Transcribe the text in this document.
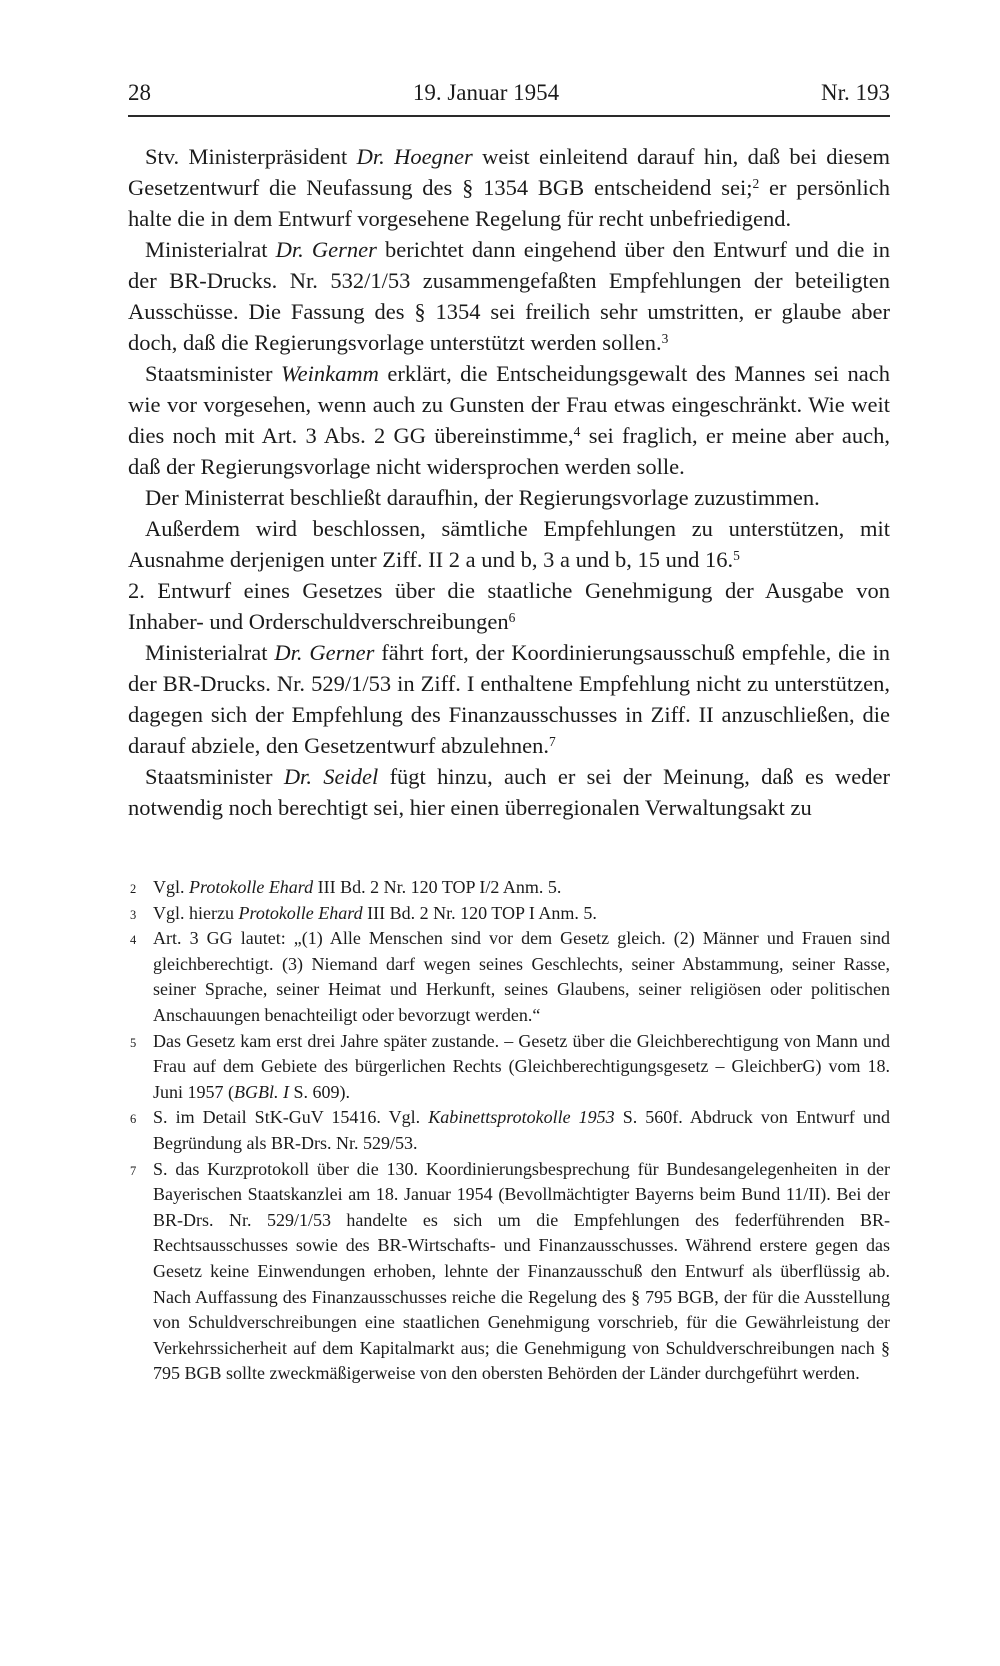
28	19. Januar 1954	Nr. 193

Stv. Ministerpräsident Dr. Hoegner weist einleitend darauf hin, daß bei diesem Gesetzentwurf die Neufassung des § 1354 BGB entscheidend sei;$^2$ er persönlich halte die in dem Entwurf vorgesehene Regelung für recht unbefriedigend.

Ministerialrat Dr. Gerner berichtet dann eingehend über den Entwurf und die in der BR-Drucks. Nr. 532/1/53 zusammengefaßten Empfehlungen der beteiligten Ausschüsse. Die Fassung des § 1354 sei freilich sehr umstritten, er glaube aber doch, daß die Regierungsvorlage unterstützt werden sollen.$^3$

Staatsminister Weinkamm erklärt, die Entscheidungsgewalt des Mannes sei nach wie vor vorgesehen, wenn auch zu Gunsten der Frau etwas eingeschränkt. Wie weit dies noch mit Art. 3 Abs. 2 GG übereinstimme,$^4$ sei fraglich, er meine aber auch, daß der Regierungsvorlage nicht widersprochen werden solle.

Der Ministerrat beschließt daraufhin, der Regierungsvorlage zuzustimmen.

Außerdem wird beschlossen, sämtliche Empfehlungen zu unterstützen, mit Ausnahme derjenigen unter Ziff. II 2 a und b, 3 a und b, 15 und 16.$^5$

2. Entwurf eines Gesetzes über die staatliche Genehmigung der Ausgabe von Inhaber- und Orderschuldverschreibungen$^6$

Ministerialrat Dr. Gerner fährt fort, der Koordinierungsausschuß empfehle, die in der BR-Drucks. Nr. 529/1/53 in Ziff. I enthaltene Empfehlung nicht zu unterstützen, dagegen sich der Empfehlung des Finanzausschusses in Ziff. II anzuschließen, die darauf abziele, den Gesetzentwurf abzulehnen.$^7$

Staatsminister Dr. Seidel fügt hinzu, auch er sei der Meinung, daß es weder notwendig noch berechtigt sei, hier einen überregionalen Verwaltungsakt zu

2 Vgl. Protokolle Ehard III Bd. 2 Nr. 120 TOP I/2 Anm. 5.
3 Vgl. hierzu Protokolle Ehard III Bd. 2 Nr. 120 TOP I Anm. 5.
4 Art. 3 GG lautet: „(1) Alle Menschen sind vor dem Gesetz gleich. (2) Männer und Frauen sind gleichberechtigt. (3) Niemand darf wegen seines Geschlechts, seiner Abstammung, seiner Rasse, seiner Sprache, seiner Heimat und Herkunft, seines Glaubens, seiner religiösen oder politischen Anschauungen benachteiligt oder bevorzugt werden.“
5 Das Gesetz kam erst drei Jahre später zustande. – Gesetz über die Gleichberechtigung von Mann und Frau auf dem Gebiete des bürgerlichen Rechts (Gleichberechtigungsgesetz – GleichberG) vom 18. Juni 1957 (BGBl. I S. 609).
6 S. im Detail StK-GuV 15416. Vgl. Kabinettsprotokolle 1953 S. 560f. Abdruck von Entwurf und Begründung als BR-Drs. Nr. 529/53.
7 S. das Kurzprotokoll über die 130. Koordinierungsbesprechung für Bundesangelegenheiten in der Bayerischen Staatskanzlei am 18. Januar 1954 (Bevollmächtigter Bayerns beim Bund 11/II). Bei der BR-Drs. Nr. 529/1/53 handelte es sich um die Empfehlungen des federführenden BR-Rechtsausschusses sowie des BR-Wirtschafts- und Finanzausschusses. Während erstere gegen das Gesetz keine Einwendungen erhoben, lehnte der Finanzausschuß den Entwurf als überflüssig ab. Nach Auffassung des Finanzausschusses reiche die Regelung des § 795 BGB, der für die Ausstellung von Schuldverschreibungen eine staatlichen Genehmigung vorschrieb, für die Gewährleistung der Verkehrssicherheit auf dem Kapitalmarkt aus; die Genehmigung von Schuldverschreibungen nach § 795 BGB sollte zweckmäßigerweise von den obersten Behörden der Länder durchgeführt werden.
